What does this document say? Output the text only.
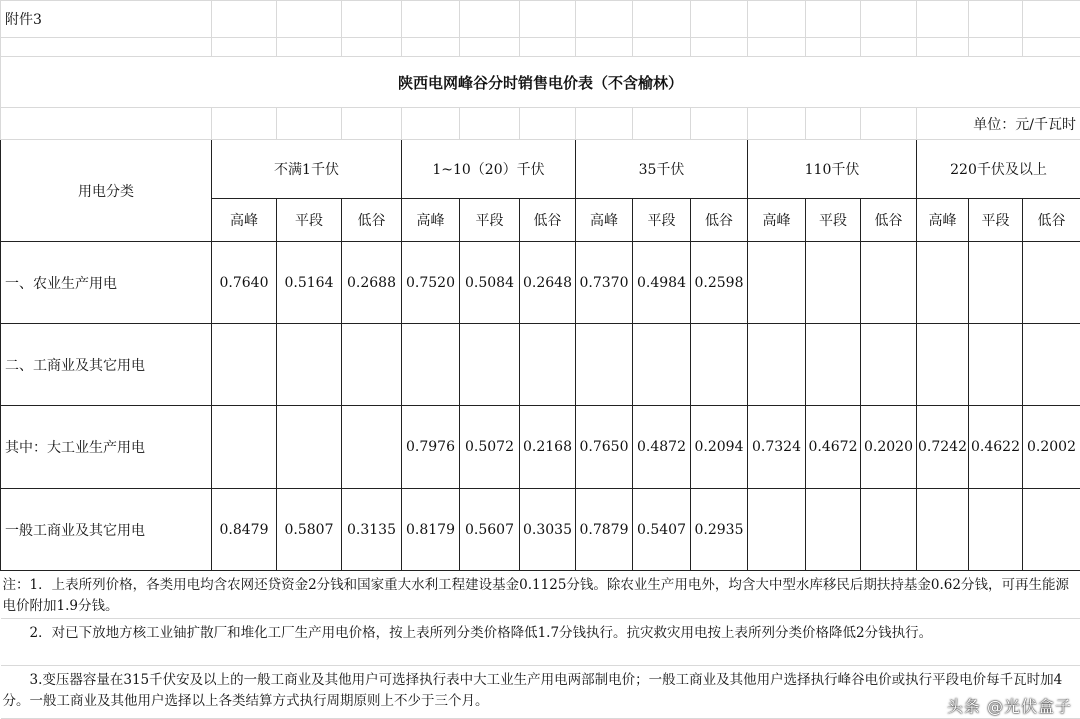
附件3															

陕西电网峰谷分时销售电价表（不含榆林）															
													单位：元/千瓦时		
用电分类	不满1千伏			1~10（20）千伏			35千伏			110千伏			220千伏及以上		
	高峰	平段	低谷	高峰	平段	低谷	高峰	平段	低谷	高峰	平段	低谷	高峰	平段	低谷
一、农业生产用电	0.7640	0.5164	0.2688	0.7520	0.5084	0.2648	0.7370	0.4984	0.2598						
二、工商业及其它用电															
其中：大工业生产用电				0.7976	0.5072	0.2168	0.7650	0.4872	0.2094	0.7324	0.4672	0.2020	0.7242	0.4622	0.2002
一般工商业及其它用电	0.8479	0.5807	0.3135	0.8179	0.5607	0.3035	0.7879	0.5407	0.2935						
注：1．上表所列价格，各类用电均含农网还贷资金2分钱和国家重大水利工程建设基金0.1125分钱。除农业生产用电外，均含大中型水库移民后期扶持基金0.62分钱，可再生能源电价附加1.9分钱。															
　　2．对已下放地方核工业铀扩散厂和堆化工厂生产用电价格，按上表所列分类价格降低1.7分钱执行。抗灾救灾用电按上表所列分类价格降低2分钱执行。															
　　3.变压器容量在315千伏安及以上的一般工商业及其他用户可选择执行表中大工业生产用电两部制电价；一般工商业及其他用户选择执行峰谷电价或执行平段电价每千瓦时加4分。一般工商业及其他用户选择以上各类结算方式执行周期原则上不少于三个月。																头条 @光伏盒子
